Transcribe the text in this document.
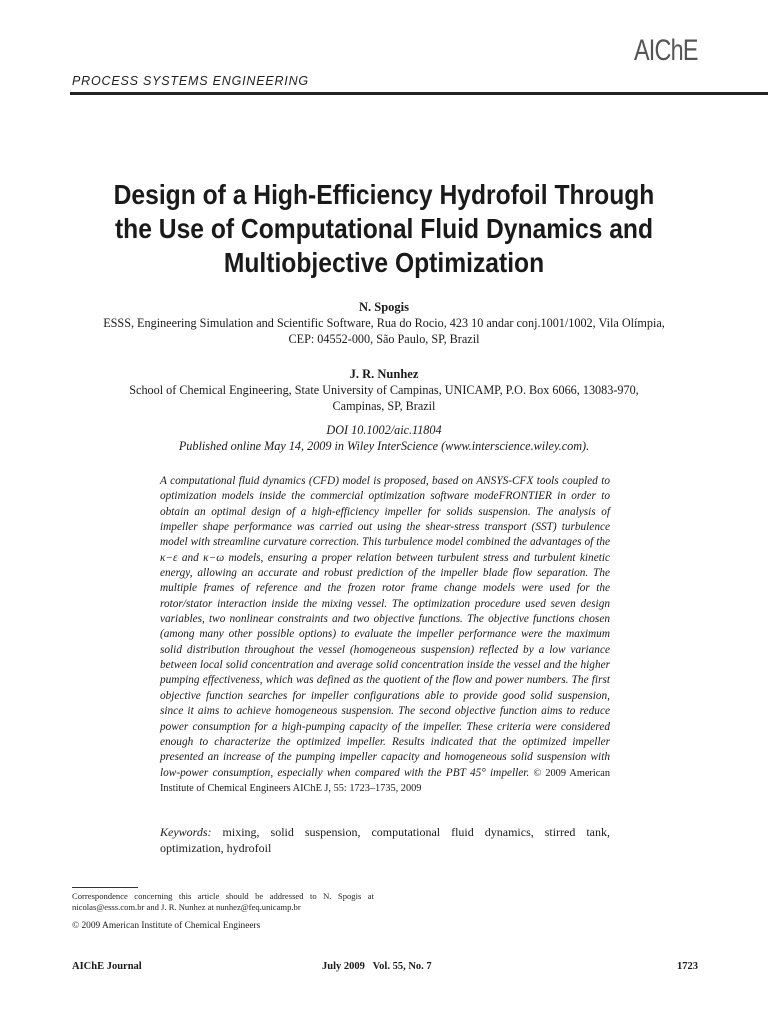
AIChE
PROCESS SYSTEMS ENGINEERING
Design of a High-Efficiency Hydrofoil Through
the Use of Computational Fluid Dynamics and
Multiobjective Optimization
N. Spogis
ESSS, Engineering Simulation and Scientific Software, Rua do Rocio, 423 10 andar conj.1001/1002, Vila Olímpia,
CEP: 04552-000, São Paulo, SP, Brazil
J. R. Nunhez
School of Chemical Engineering, State University of Campinas, UNICAMP, P.O. Box 6066, 13083-970,
Campinas, SP, Brazil
DOI 10.1002/aic.11804
Published online May 14, 2009 in Wiley InterScience (www.interscience.wiley.com).
A computational fluid dynamics (CFD) model is proposed, based on ANSYS-CFX tools coupled to optimization models inside the commercial optimization software modeFRONTIER in order to obtain an optimal design of a high-efficiency impeller for solids suspension. The analysis of impeller shape performance was carried out using the shear-stress transport (SST) turbulence model with streamline curvature correction. This turbulence model combined the advantages of the κ−ε and κ−ω models, ensuring a proper relation between turbulent stress and turbulent kinetic energy, allowing an accurate and robust prediction of the impeller blade flow separation. The multiple frames of reference and the frozen rotor frame change models were used for the rotor/stator interaction inside the mixing vessel. The optimization procedure used seven design variables, two nonlinear constraints and two objective functions. The objective functions chosen (among many other possible options) to evaluate the impeller performance were the maximum solid distribution throughout the vessel (homogeneous suspension) reflected by a low variance between local solid concentration and average solid concentration inside the vessel and the higher pumping effectiveness, which was defined as the quotient of the flow and power numbers. The first objective function searches for impeller configurations able to provide good solid suspension, since it aims to achieve homogeneous suspension. The second objective function aims to reduce power consumption for a high-pumping capacity of the impeller. These criteria were considered enough to characterize the optimized impeller. Results indicated that the optimized impeller presented an increase of the pumping impeller capacity and homogeneous solid suspension with low-power consumption, especially when compared with the PBT 45° impeller. © 2009 American Institute of Chemical Engineers AIChE J, 55: 1723–1735, 2009
Keywords: mixing, solid suspension, computational fluid dynamics, stirred tank, optimization, hydrofoil
Correspondence concerning this article should be addressed to N. Spogis at nicolas@esss.com.br and J. R. Nunhez at nunhez@feq.unicamp.br
© 2009 American Institute of Chemical Engineers
AIChE Journal	July 2009   Vol. 55, No. 7	1723
